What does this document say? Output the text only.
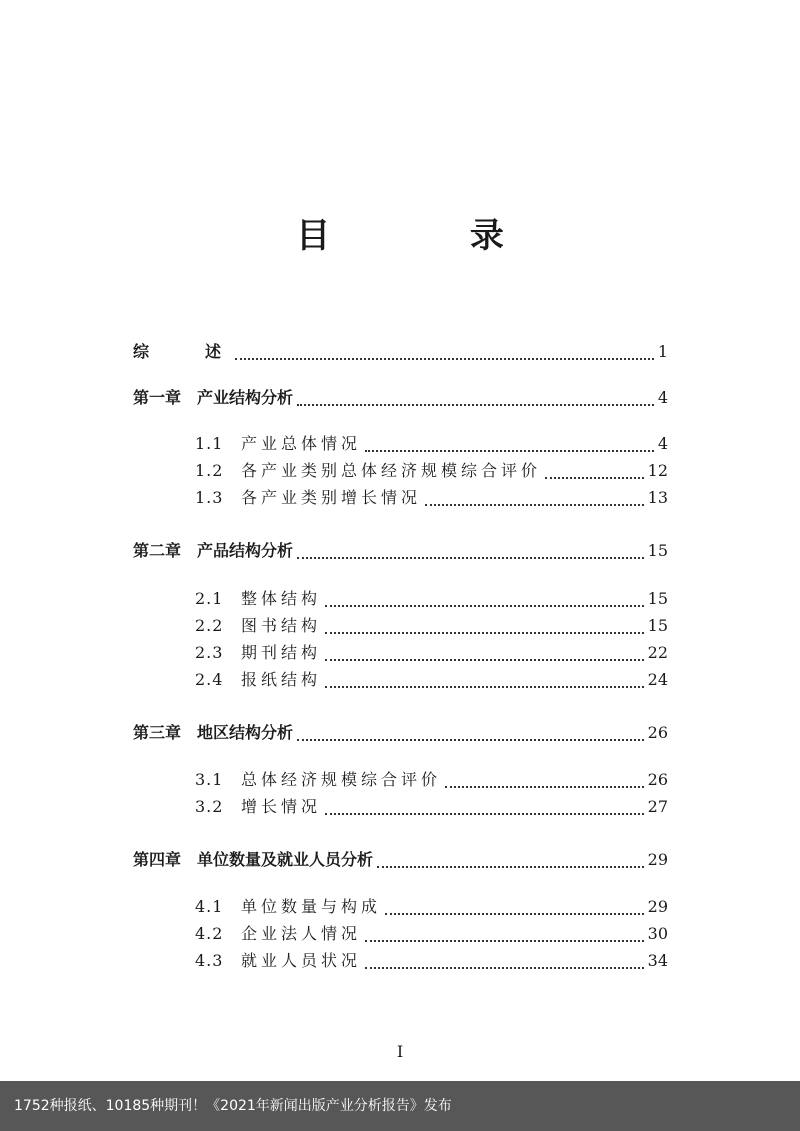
目 录
综述	1
第一章 产业结构分析	4
1.1	产业总体情况	4
1.2	各产业类别总体经济规模综合评价	12
1.3	各产业类别增长情况	13
第二章 产品结构分析	15
2.1	整体结构	15
2.2	图书结构	15
2.3	期刊结构	22
2.4	报纸结构	24
第三章 地区结构分析	26
3.1	总体经济规模综合评价	26
3.2	增长情况	27
第四章 单位数量及就业人员分析	29
4.1	单位数量与构成	29
4.2	企业法人情况	30
4.3	就业人员状况	34
I
1752种报纸、10185种期刊！《2021年新闻出版产业分析报告》发布
